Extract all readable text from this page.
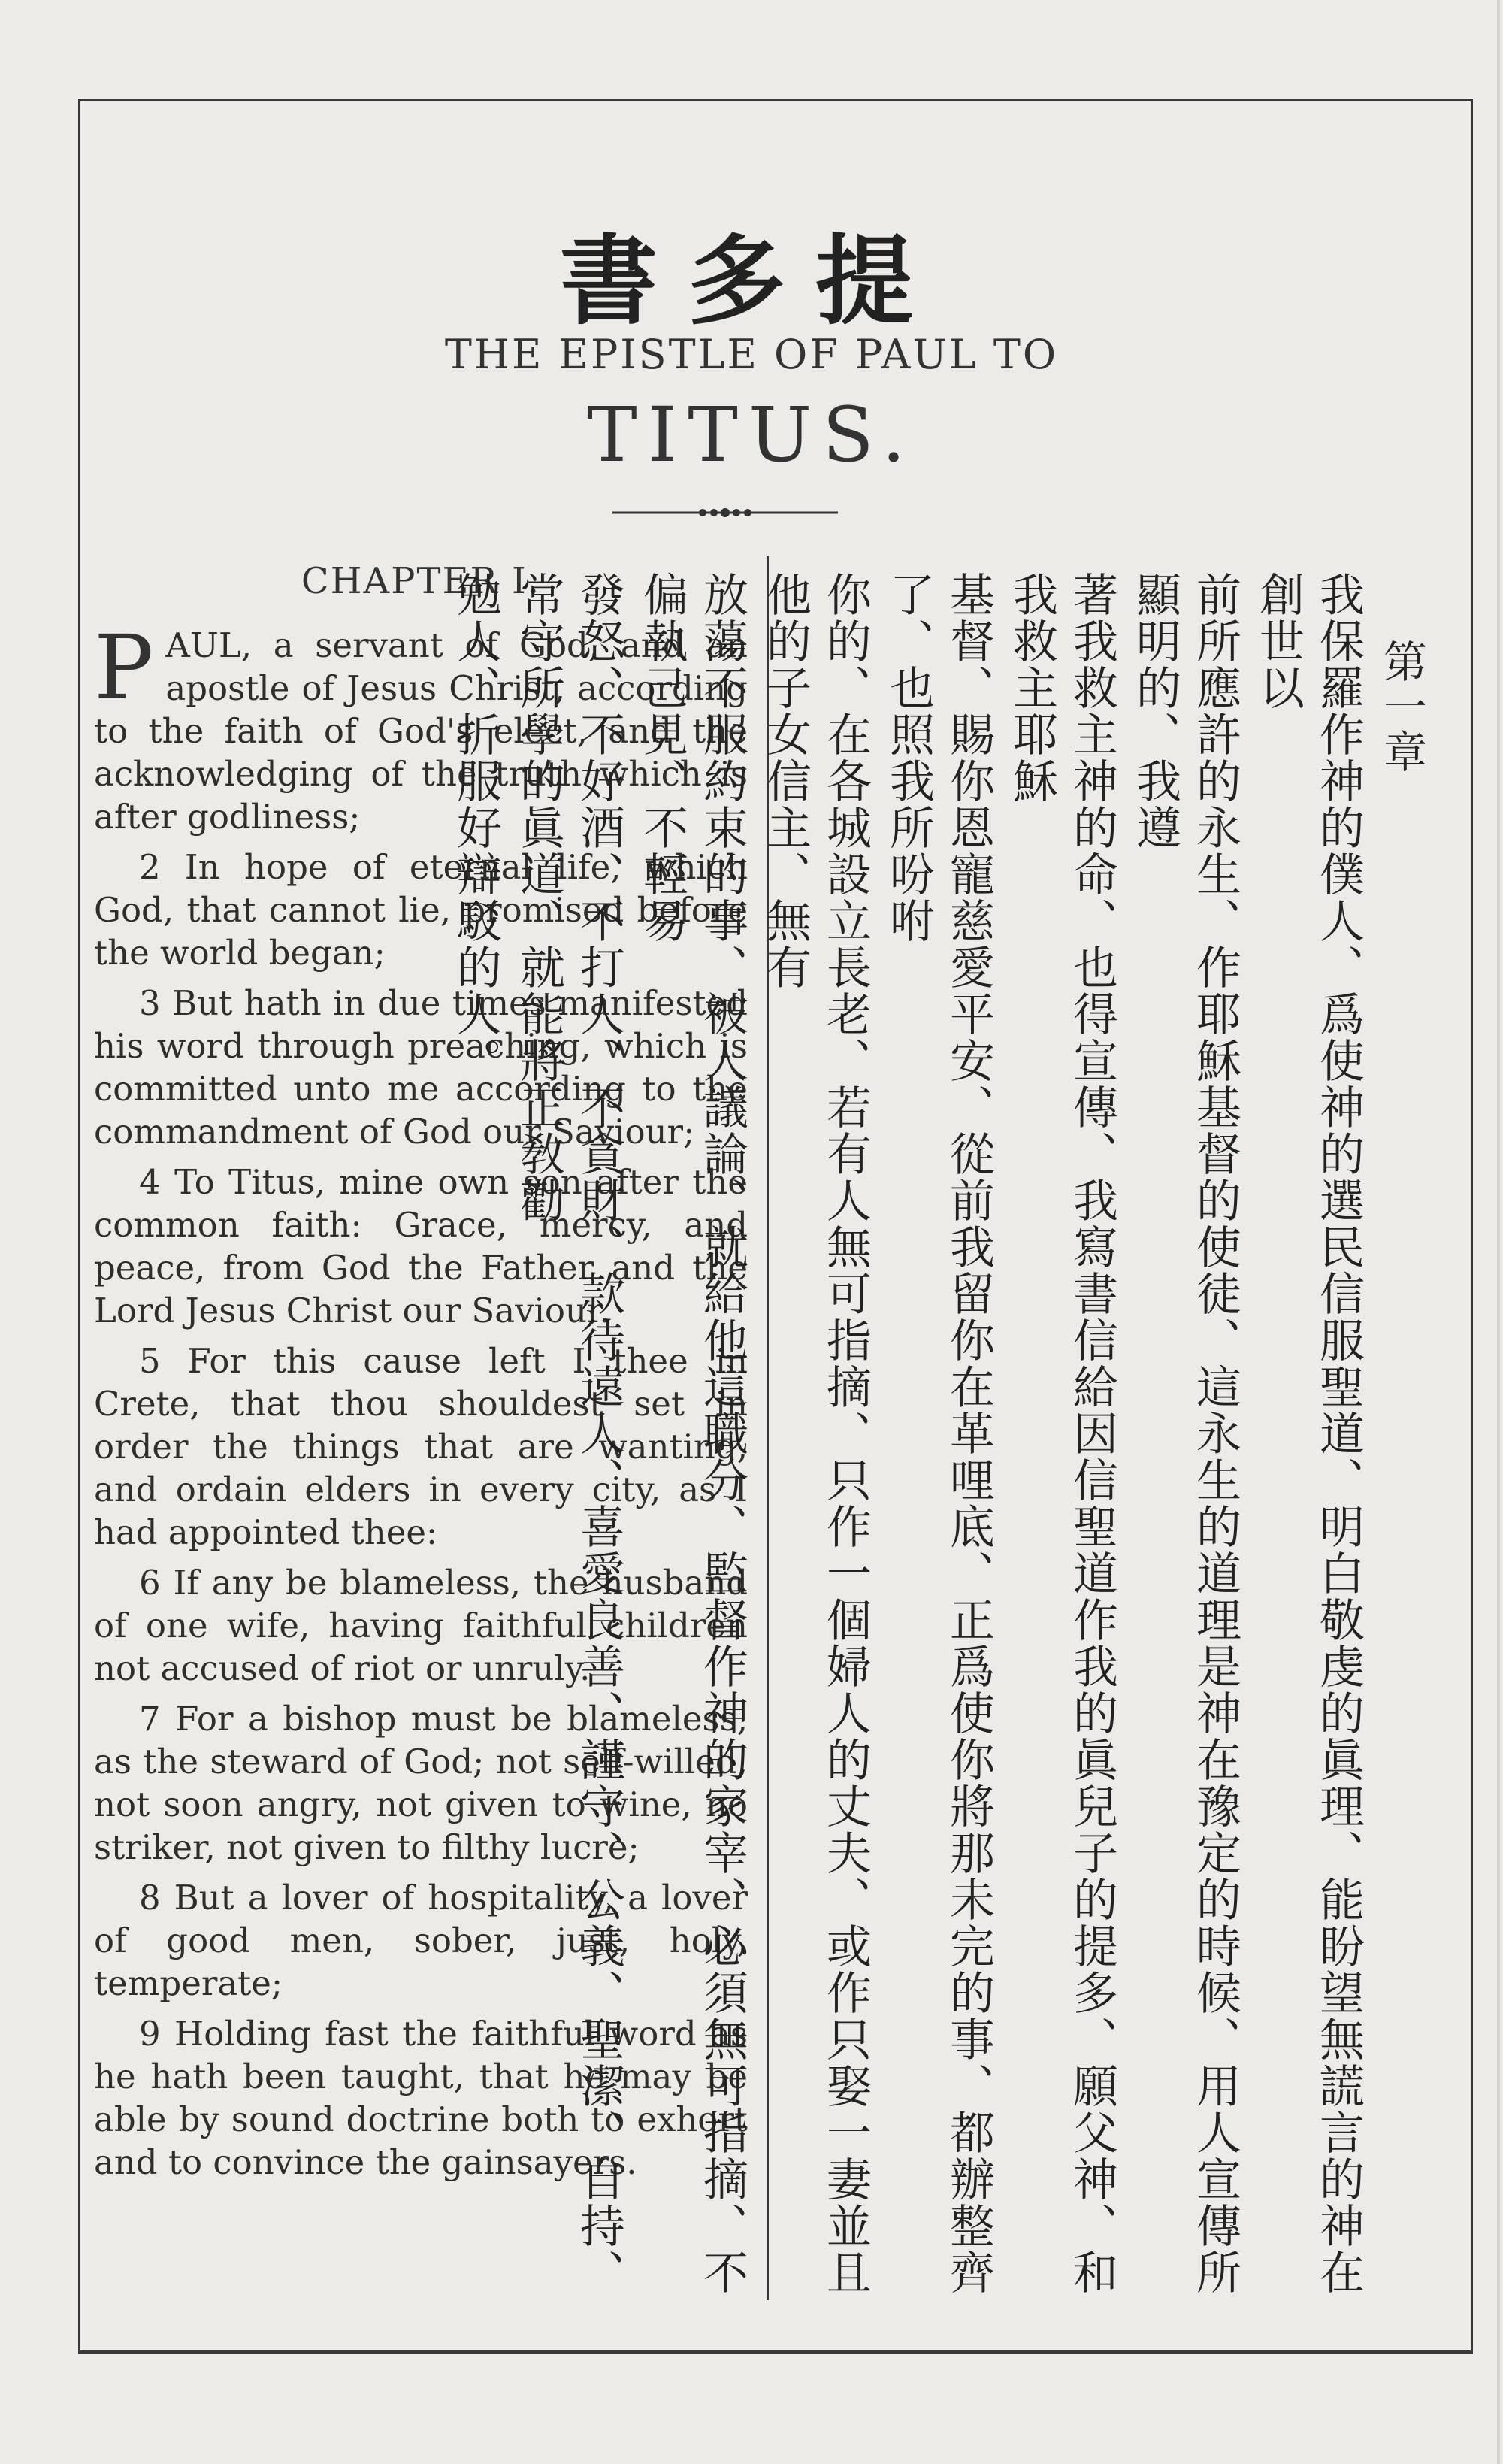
書多提
THE EPISTLE OF PAUL TO
TITUS.
CHAPTER I.

PAUL, a servant of God, and an apostle of Jesus Christ, according to the faith of God's elect, and the acknowledging of the truth which is after godliness;

2 In hope of eternal life, which God, that cannot lie, promised before the world began;

3 But hath in due times manifested his word through preaching, which is committed unto me according to the commandment of God our Saviour;

4 To Titus, mine own son after the common faith: Grace, mercy, and peace, from God the Father and the Lord Jesus Christ our Saviour.

5 For this cause left I thee in Crete, that thou shouldest set in order the things that are wanting, and ordain elders in every city, as I had appointed thee:

6 If any be blameless, the husband of one wife, having faithful children not accused of riot or unruly.

7 For a bishop must be blameless, as the steward of God; not self-willed, not soon angry, not given to wine, no striker, not given to filthy lucre;

8 But a lover of hospitality, a lover of good men, sober, just, holy, temperate;

9 Holding fast the faithful word as he hath been taught, that he may be able by sound doctrine both to exhort and to convince the gainsayers.

第一章
我保羅作神的僕人、爲使神的選民信服聖道、明白敬虔的眞理、能盼望無謊言的神在創世以
前所應許的永生、作耶穌基督的使徒、這永生的道理是神在豫定的時候、用人宣傳所顯明的、我遵
著我救主神的命、也得宣傳、我寫書信給因信聖道作我的眞兒子的提多、願父神、和我救主耶穌
基督、賜你恩寵慈愛平安、從前我留你在革哩底、正爲使你將那未完的事、都辦整齊了、也照我所吩咐
你的、在各城設立長老、若有人無可指摘、只作一個婦人的丈夫、或作只娶一妻並且他的子女信主、無有
放蕩不服約束的事、被人議論、就給他這職分、監督作神的家宰、必須無可指摘、不偏執己見、不輕易
發怒、不好酒、不打人、不貪財、款待遠人、喜愛良善、謹守、公義、聖潔、自持、常守所學的眞道、就能將正敎勸
勉人、折服好辯駁的人。
